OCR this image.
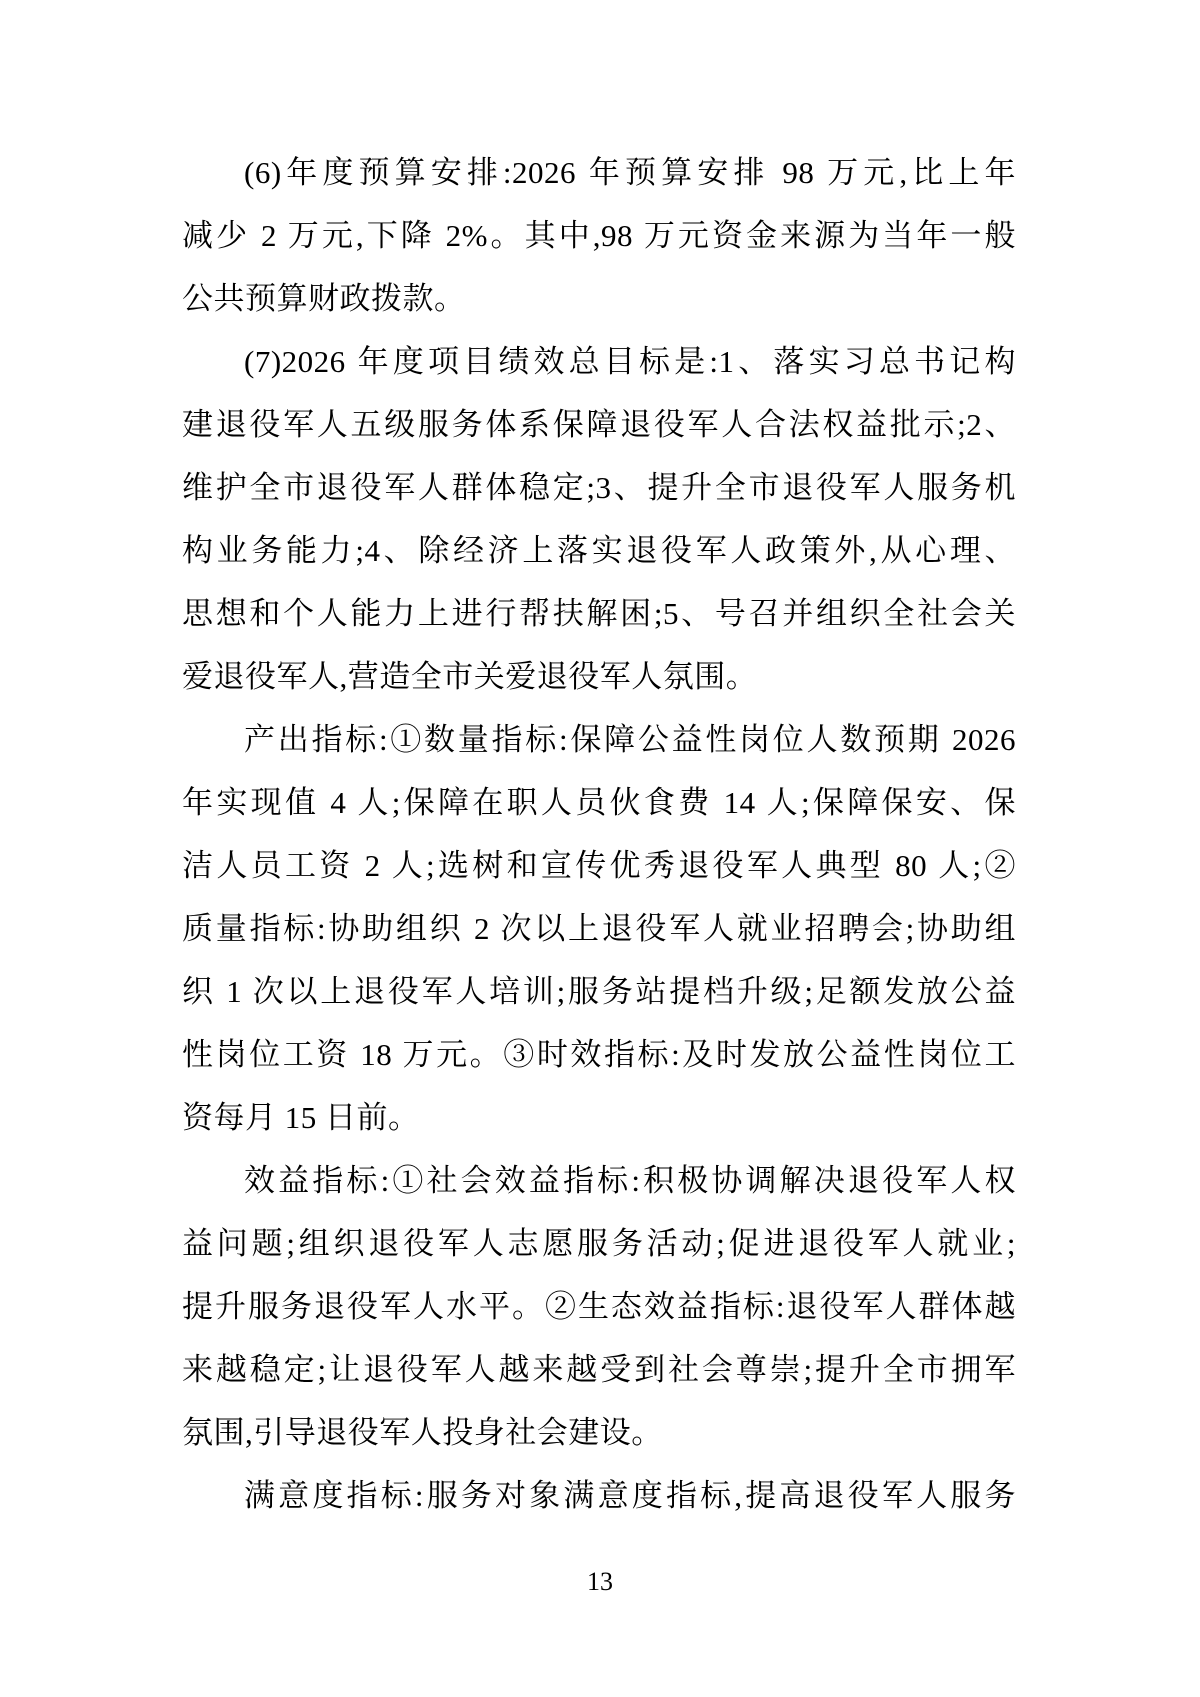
(6)年度预算安排:2026 年预算安排 98 万元,比上年
减少 2 万元,下降 2%。其中,98 万元资金来源为当年一般
公共预算财政拨款。
(7)2026 年度项目绩效总目标是:1、落实习总书记构
建退役军人五级服务体系保障退役军人合法权益批示;2、
维护全市退役军人群体稳定;3、提升全市退役军人服务机
构业务能力;4、除经济上落实退役军人政策外,从心理、
思想和个人能力上进行帮扶解困;5、号召并组织全社会关
爱退役军人,营造全市关爱退役军人氛围。
产出指标:①数量指标:保障公益性岗位人数预期 2026
年实现值 4 人;保障在职人员伙食费 14 人;保障保安、保
洁人员工资 2 人;选树和宣传优秀退役军人典型 80 人;②
质量指标:协助组织 2 次以上退役军人就业招聘会;协助组
织 1 次以上退役军人培训;服务站提档升级;足额发放公益
性岗位工资 18 万元。③时效指标:及时发放公益性岗位工
资每月 15 日前。
效益指标:①社会效益指标:积极协调解决退役军人权
益问题;组织退役军人志愿服务活动;促进退役军人就业;
提升服务退役军人水平。②生态效益指标:退役军人群体越
来越稳定;让退役军人越来越受到社会尊崇;提升全市拥军
氛围,引导退役军人投身社会建设。
满意度指标:服务对象满意度指标,提高退役军人服务
13
